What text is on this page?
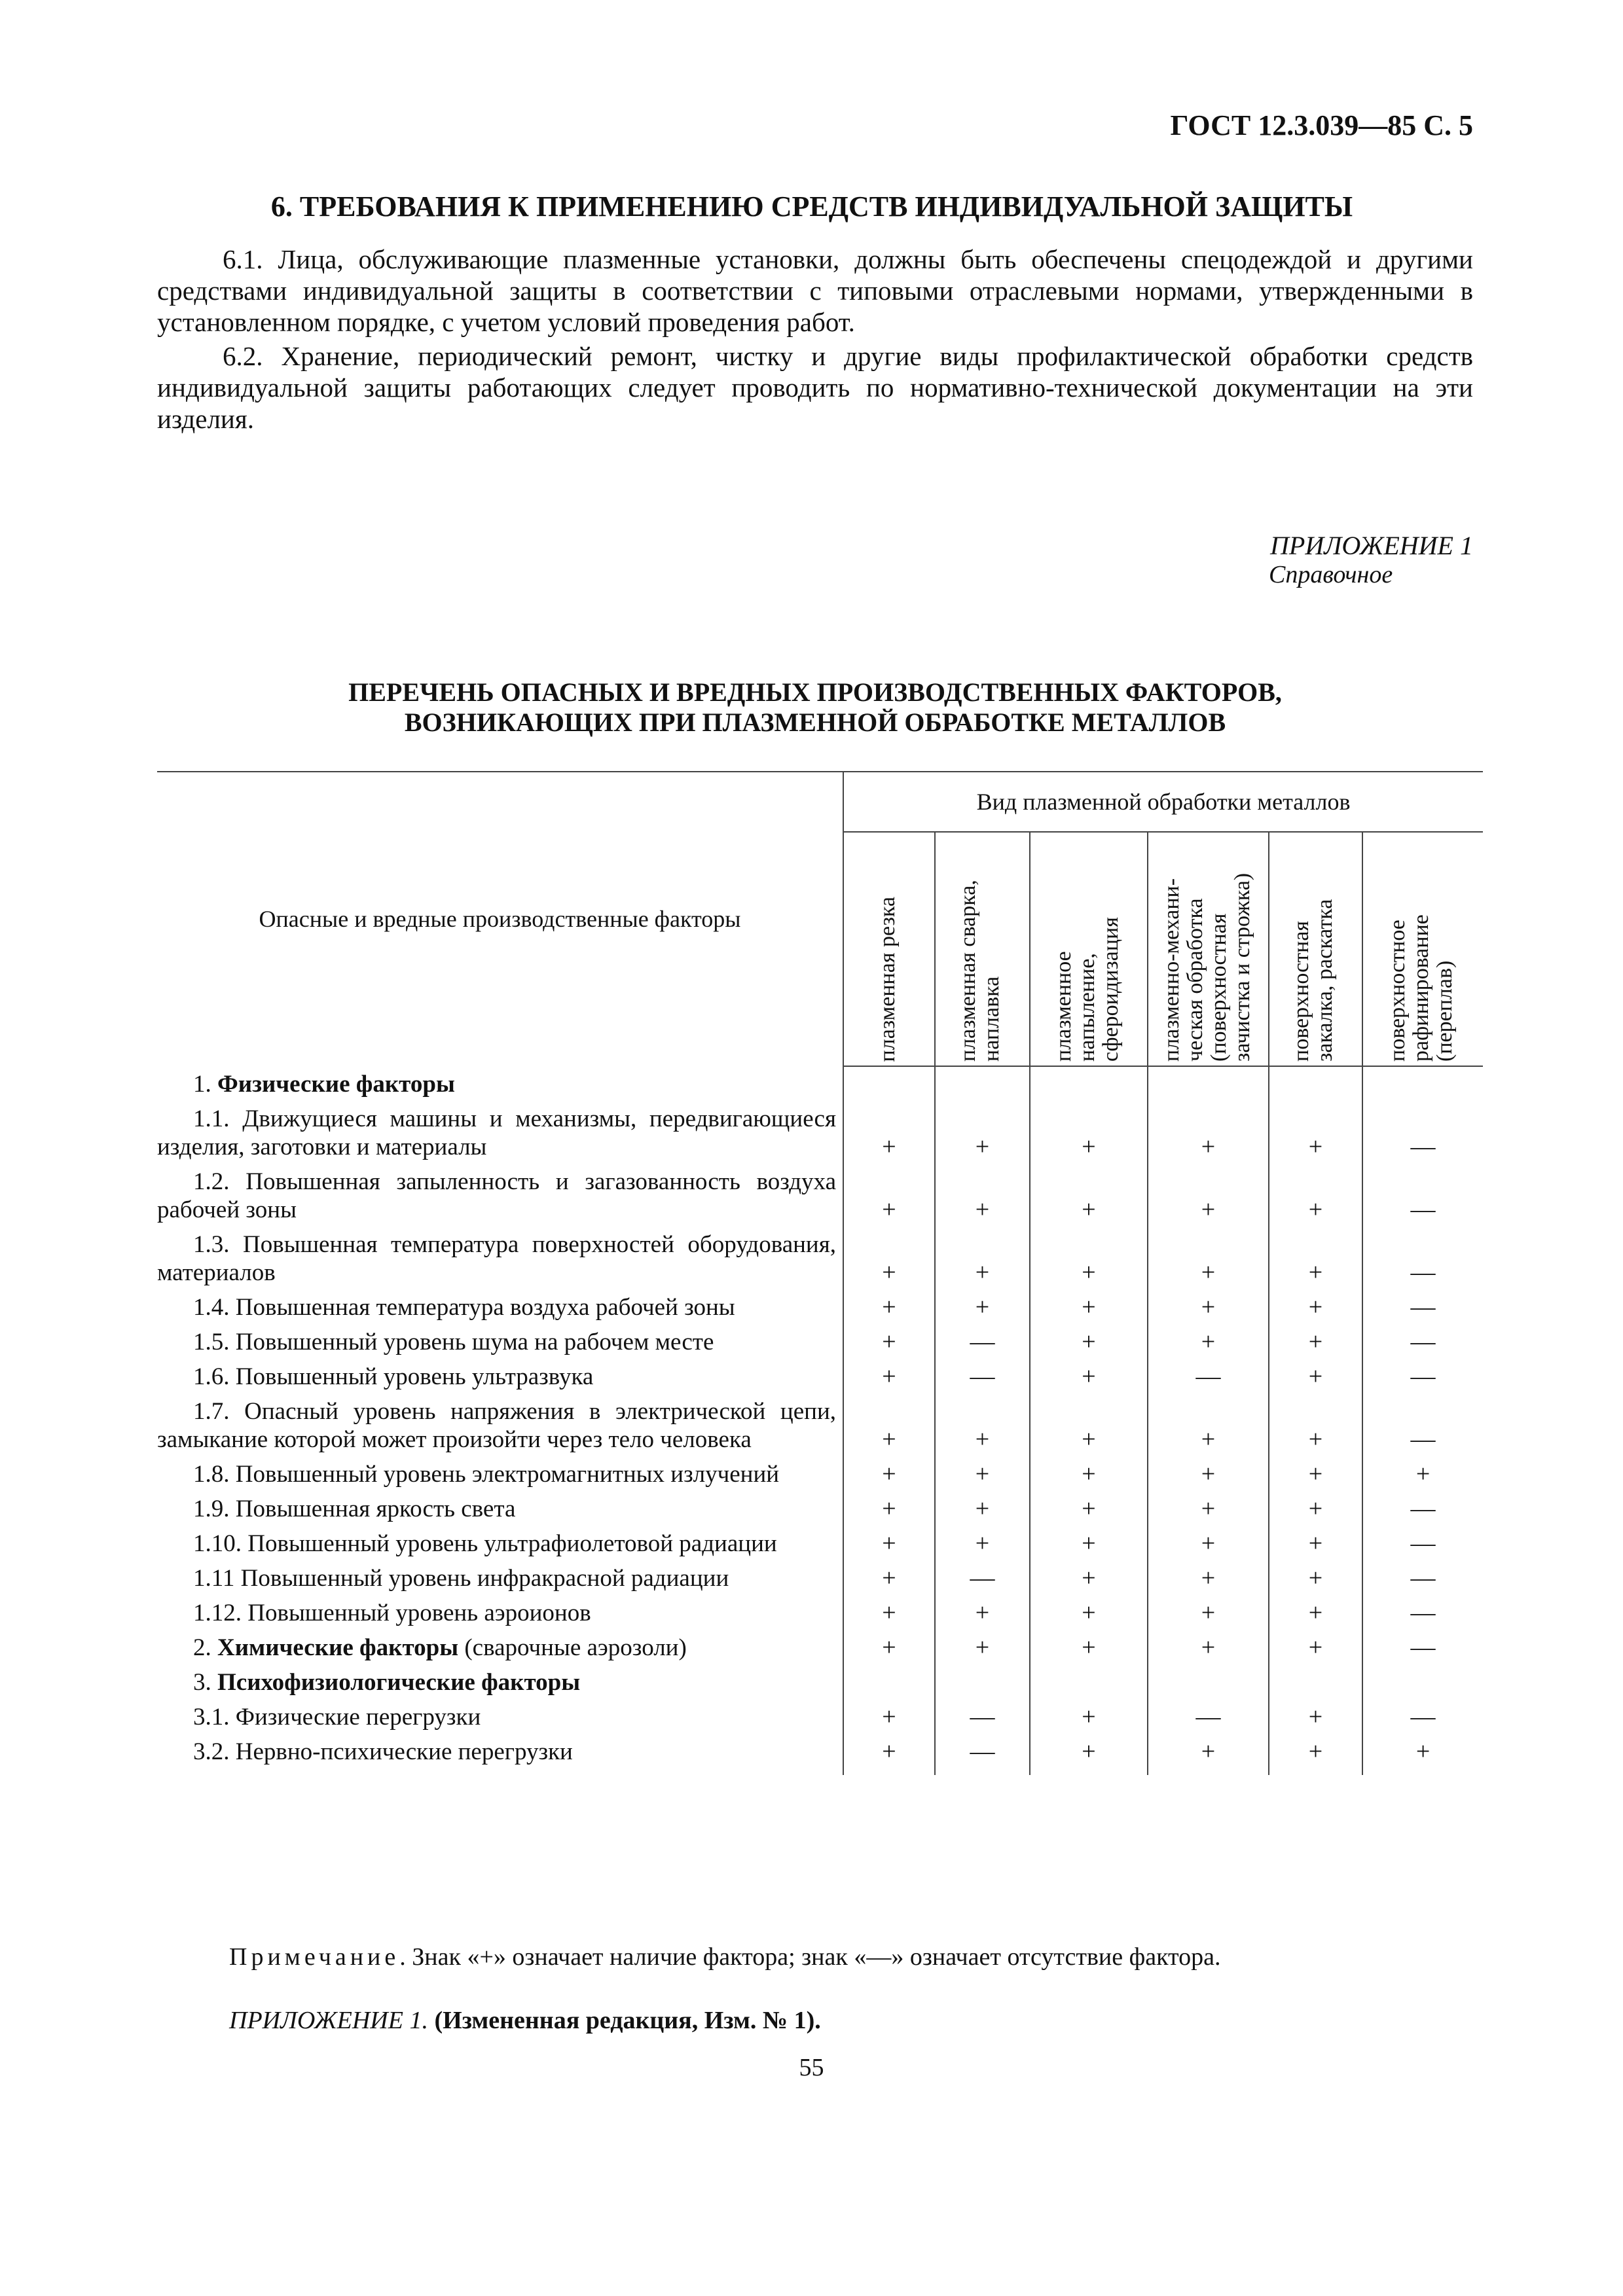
ГОСТ 12.3.039—85 С. 5
6. ТРЕБОВАНИЯ К ПРИМЕНЕНИЮ СРЕДСТВ ИНДИВИДУАЛЬНОЙ ЗАЩИТЫ

6.1. Лица, обслуживающие плазменные установки, должны быть обеспечены спецодеждой и другими средствами индивидуальной защиты в соответствии с типовыми отраслевыми нормами, утвержденными в установленном порядке, с учетом условий проведения работ.

6.2. Хранение, периодический ремонт, чистку и другие виды профилактической обработки средств индивидуальной защиты работающих следует проводить по нормативно-технической документации на эти изделия.

ПРИЛОЖЕНИЕ 1
Справочное
ПЕРЕЧЕНЬ ОПАСНЫХ И ВРЕДНЫХ ПРОИЗВОДСТВЕННЫХ ФАКТОРОВ,
ВОЗНИКАЮЩИХ ПРИ ПЛАЗМЕННОЙ ОБРАБОТКЕ МЕТАЛЛОВ
Опасные и вредные производственные факторы	Вид плазменной обработки металлов					

	плазменная резка	плазменная сварка, наплавка	плазменное напыление, сфероидизация	плазменно-механи-ческая обработка (поверхностная зачистка и строжка)	поверхностная закалка, раскатка	поверхностное рафинирование (переплав)

1. Физические факторы						
1.1. Движущиеся машины и механизмы, передвигающиеся изделия, заготовки и материалы	+	+	+	+	+	—
1.2. Повышенная запыленность и загазованность воздуха рабочей зоны	+	+	+	+	+	—
1.3. Повышенная температура поверхностей оборудования, материалов	+	+	+	+	+	—
1.4. Повышенная температура воздуха рабочей зоны	+	+	+	+	+	—
1.5. Повышенный уровень шума на рабочем месте	+	—	+	+	+	—
1.6. Повышенный уровень ультразвука	+	—	+	—	+	—
1.7. Опасный уровень напряжения в электрической цепи, замыкание которой может произойти через тело человека	+	+	+	+	+	—
1.8. Повышенный уровень электромагнитных излучений	+	+	+	+	+	+
1.9. Повышенная яркость света	+	+	+	+	+	—
1.10. Повышенный уровень ультрафиолетовой радиации	+	+	+	+	+	—
1.11 Повышенный уровень инфракрасной радиации	+	—	+	+	+	—
1.12. Повышенный уровень аэроионов	+	+	+	+	+	—
2. Химические факторы (сварочные аэрозоли)	+	+	+	+	+	—
3. Психофизиологические факторы						
3.1. Физические перегрузки	+	—	+	—	+	—
3.2. Нервно-психические перегрузки	+	—	+	+	+	+
Примечание. Знак «+» означает наличие фактора; знак «—» означает отсутствие фактора.
ПРИЛОЖЕНИЕ 1. (Измененная редакция, Изм. № 1).
55
